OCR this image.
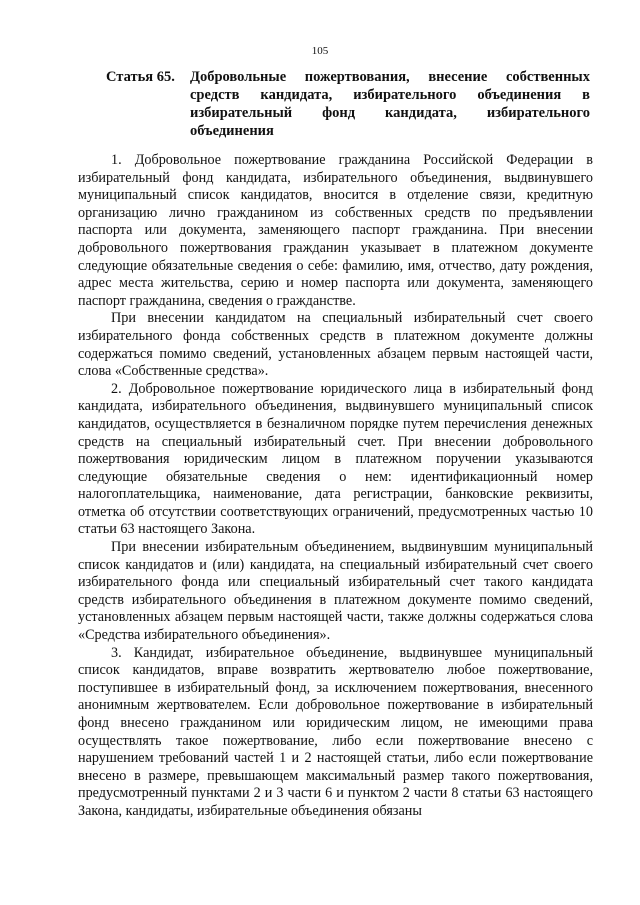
105
Статья 65.	Добровольные пожертвования, внесение собственных средств кандидата, избирательного объединения в избирательный фонд кандидата, избирательного объединения

1. Добровольное пожертвование гражданина Российской Федерации в избирательный фонд кандидата, избирательного объединения, выдвинувшего муниципальный список кандидатов, вносится в отделение связи, кредитную организацию лично гражданином из собственных средств по предъявлении паспорта или документа, заменяющего паспорт гражданина. При внесении добровольного пожертвования гражданин указывает в платежном документе следующие обязательные сведения о себе: фамилию, имя, отчество, дату рождения, адрес места жительства, серию и номер паспорта или документа, заменяющего паспорт гражданина, сведения о гражданстве.

При внесении кандидатом на специальный избирательный счет своего избирательного фонда собственных средств в платежном документе должны содержаться помимо сведений, установленных абзацем первым настоящей части, слова «Собственные средства».

2. Добровольное пожертвование юридического лица в избирательный фонд кандидата, избирательного объединения, выдвинувшего муниципальный список кандидатов, осуществляется в безналичном порядке путем перечисления денежных средств на специальный избирательный счет. При внесении добровольного пожертвования юридическим лицом в платежном поручении указываются следующие обязательные сведения о нем: идентификационный номер налогоплательщика, наименование, дата регистрации, банковские реквизиты, отметка об отсутствии соответствующих ограничений, предусмотренных частью 10 статьи 63 настоящего Закона.

При внесении избирательным объединением, выдвинувшим муниципальный список кандидатов и (или) кандидата, на специальный избирательный счет своего избирательного фонда или специальный избирательный счет такого кандидата средств избирательного объединения в платежном документе помимо сведений, установленных абзацем первым настоящей части, также должны содержаться слова «Средства избирательного объединения».

3. Кандидат, избирательное объединение, выдвинувшее муниципальный список кандидатов, вправе возвратить жертвователю любое пожертвование, поступившее в избирательный фонд, за исключением пожертвования, внесенного анонимным жертвователем. Если добровольное пожертвование в избирательный фонд внесено гражданином или юридическим лицом, не имеющими права осуществлять такое пожертвование, либо если пожертвование внесено с нарушением требований частей 1 и 2 настоящей статьи, либо если пожертвование внесено в размере, превышающем максимальный размер такого пожертвования, предусмотренный пунктами 2 и 3 части 6 и пунктом 2 части 8 статьи 63 настоящего Закона, кандидаты, избирательные объединения обязаны
